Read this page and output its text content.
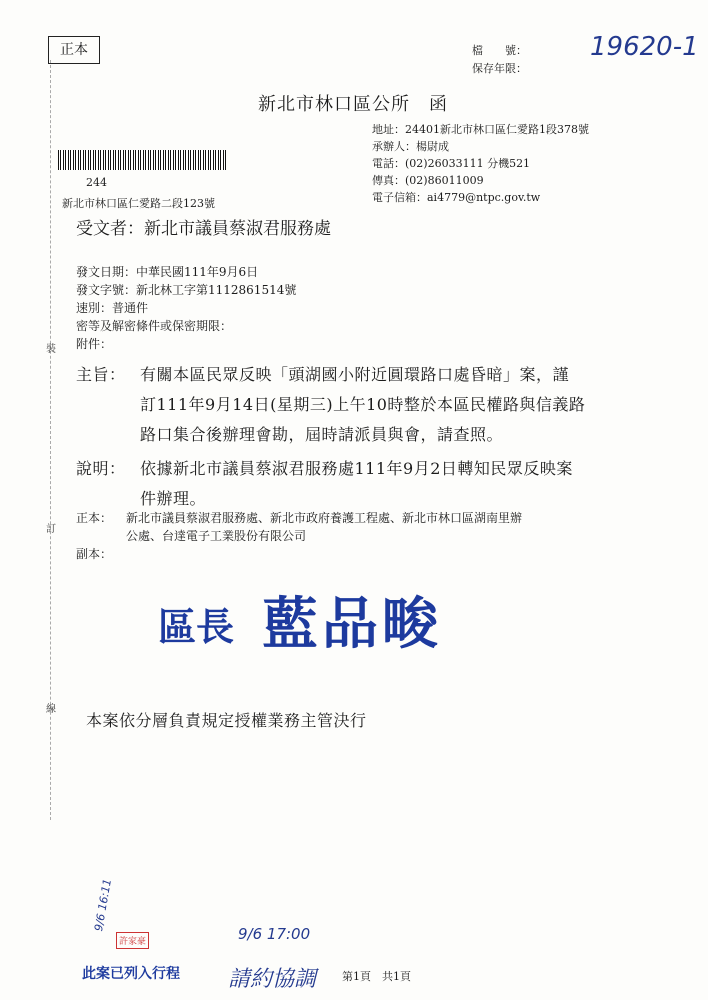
正本	檔　　號：
保存年限：
19620-1
新北市林口區公所　函
地址：24401新北市林口區仁愛路1段378號
承辦人：楊尉成
電話：(02)26033111 分機521
傳真：(02)86011009
電子信箱：ai4779@ntpc.gov.tw
244
新北市林口區仁愛路二段123號
受文者：新北市議員蔡淑君服務處
發文日期：中華民國111年9月6日
發文字號：新北林工字第1112861514號
速別：普通件
密等及解密條件或保密期限：
附件：
裝
訂
線
主旨： 有關本區民眾反映「頭湖國小附近圓環路口處昏暗」案，謹
訂111年9月14日(星期三)上午10時整於本區民權路與信義路
路口集合後辦理會勘，屆時請派員與會，請查照。
說明： 依據新北市議員蔡淑君服務處111年9月2日轉知民眾反映案
件辦理。
正本： 新北市議員蔡淑君服務處、新北市政府養護工程處、新北市林口區湖南里辦
公處、台達電子工業股份有限公司
副本：
區長 藍品畯
本案依分層負責規定授權業務主管決行
9/6 16:11
許家豪
此案已列入行程
9/6 17:00
請約協調 第1頁　共1頁
